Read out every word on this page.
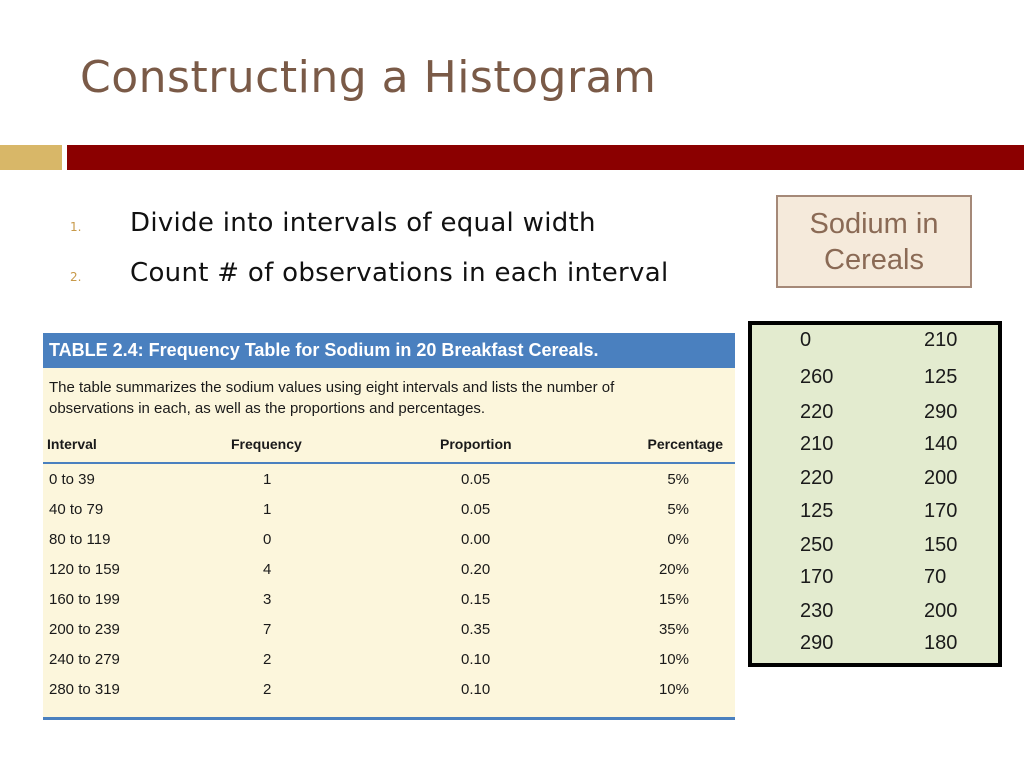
Constructing a Histogram
1.	Divide into intervals of equal width
2.	Count # of observations in each interval
Sodium in
Cereals
TABLE 2.4: Frequency Table for Sodium in 20 Breakfast Cereals.
The table summarizes the sodium values using eight intervals and lists the number of
observations in each, as well as the proportions and percentages.
Interval	Frequency	Proportion	Percentage
0 to 39	1	0.05	5%
40 to 79	1	0.05	5%
80 to 119	0	0.00	0%
120 to 159	4	0.20	20%
160 to 199	3	0.15	15%
200 to 239	7	0.35	35%
240 to 279	2	0.10	10%
280 to 319	2	0.10	10%
0	210
260	125
220	290
210	140
220	200
125	170
250	150
170	70
230	200
290	180
